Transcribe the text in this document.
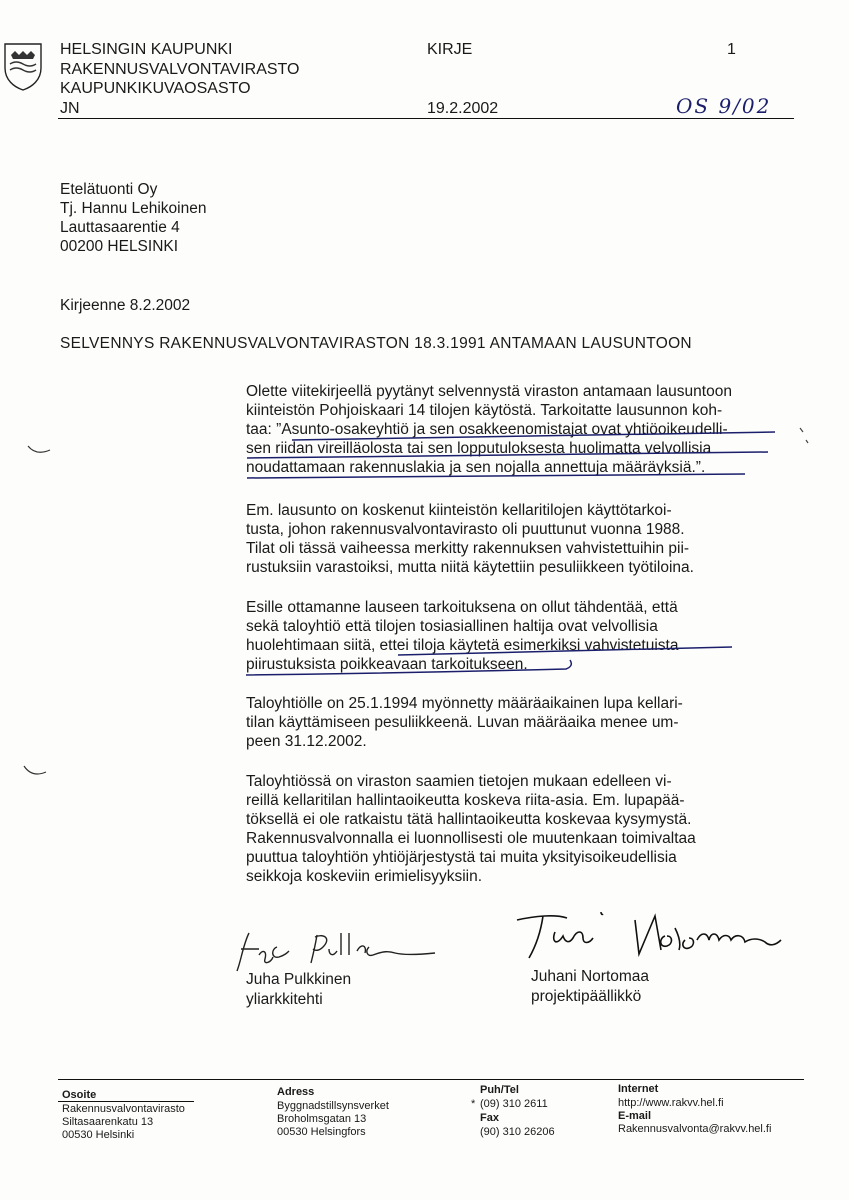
HELSINGIN KAUPUNKI
RAKENNUSVALVONTAVIRASTO
KAUPUNKIKUVAOSASTO
JN
KIRJE	1
19.2.2002	OS 9/02
Etelätuonti Oy
Tj. Hannu Lehikoinen
Lauttasaarentie 4
00200 HELSINKI
Kirjeenne 8.2.2002
SELVENNYS RAKENNUSVALVONTAVIRASTON 18.3.1991 ANTAMAAN LAUSUNTOON
Olette viitekirjeellä pyytänyt selvennystä viraston antamaan lausuntoon
kiinteistön Pohjoiskaari 14 tilojen käytöstä. Tarkoitatte lausunnon koh-
taa: ”Asunto-osakeyhtiö ja sen osakkeenomistajat ovat yhtiöoikeudelli-
sen riidan vireilläolosta tai sen lopputuloksesta huolimatta velvollisia
noudattamaan rakennuslakia ja sen nojalla annettuja määräyksiä.”.
Em. lausunto on koskenut kiinteistön kellaritilojen käyttötarkoi-
tusta, johon rakennusvalvontavirasto oli puuttunut vuonna 1988.
Tilat oli tässä vaiheessa merkitty rakennuksen vahvistettuihin pii-
rustuksiin varastoiksi, mutta niitä käytettiin pesuliikkeen työtiloina.
Esille ottamanne lauseen tarkoituksena on ollut tähdentää, että
sekä taloyhtiö että tilojen tosiasiallinen haltija ovat velvollisia
huolehtimaan siitä, ettei tiloja käytetä esimerkiksi vahvistetuista
piirustuksista poikkeavaan tarkoitukseen.
Taloyhtiölle on 25.1.1994 myönnetty määräaikainen lupa kellari-
tilan käyttämiseen pesuliikkeenä. Luvan määräaika menee um-
peen 31.12.2002.
Taloyhtiössä on viraston saamien tietojen mukaan edelleen vi-
reillä kellaritilan hallintaoikeutta koskeva riita-asia. Em. lupapää-
töksellä ei ole ratkaistu tätä hallintaoikeutta koskevaa kysymystä.
Rakennusvalvonnalla ei luonnollisesti ole muutenkaan toimivaltaa
puuttua taloyhtiön yhtiöjärjestystä tai muita yksityisoikeudellisia
seikkoja koskeviin erimielisyyksiin.
Juha Pulkkinen
yliarkkitehti
Juhani Nortomaa
projektipäällikkö
Osoite
Rakennusvalvontavirasto
Siltasaarenkatu 13
00530 Helsinki
Adress
Byggnadstillsynsverket
Broholmsgatan 13
00530 Helsingfors
Puh/Tel
* (09) 310 2611
Fax
(90) 310 26206
Internet
http://www.rakvv.hel.fi
E-mail
Rakennusvalvonta@rakvv.hel.fi
